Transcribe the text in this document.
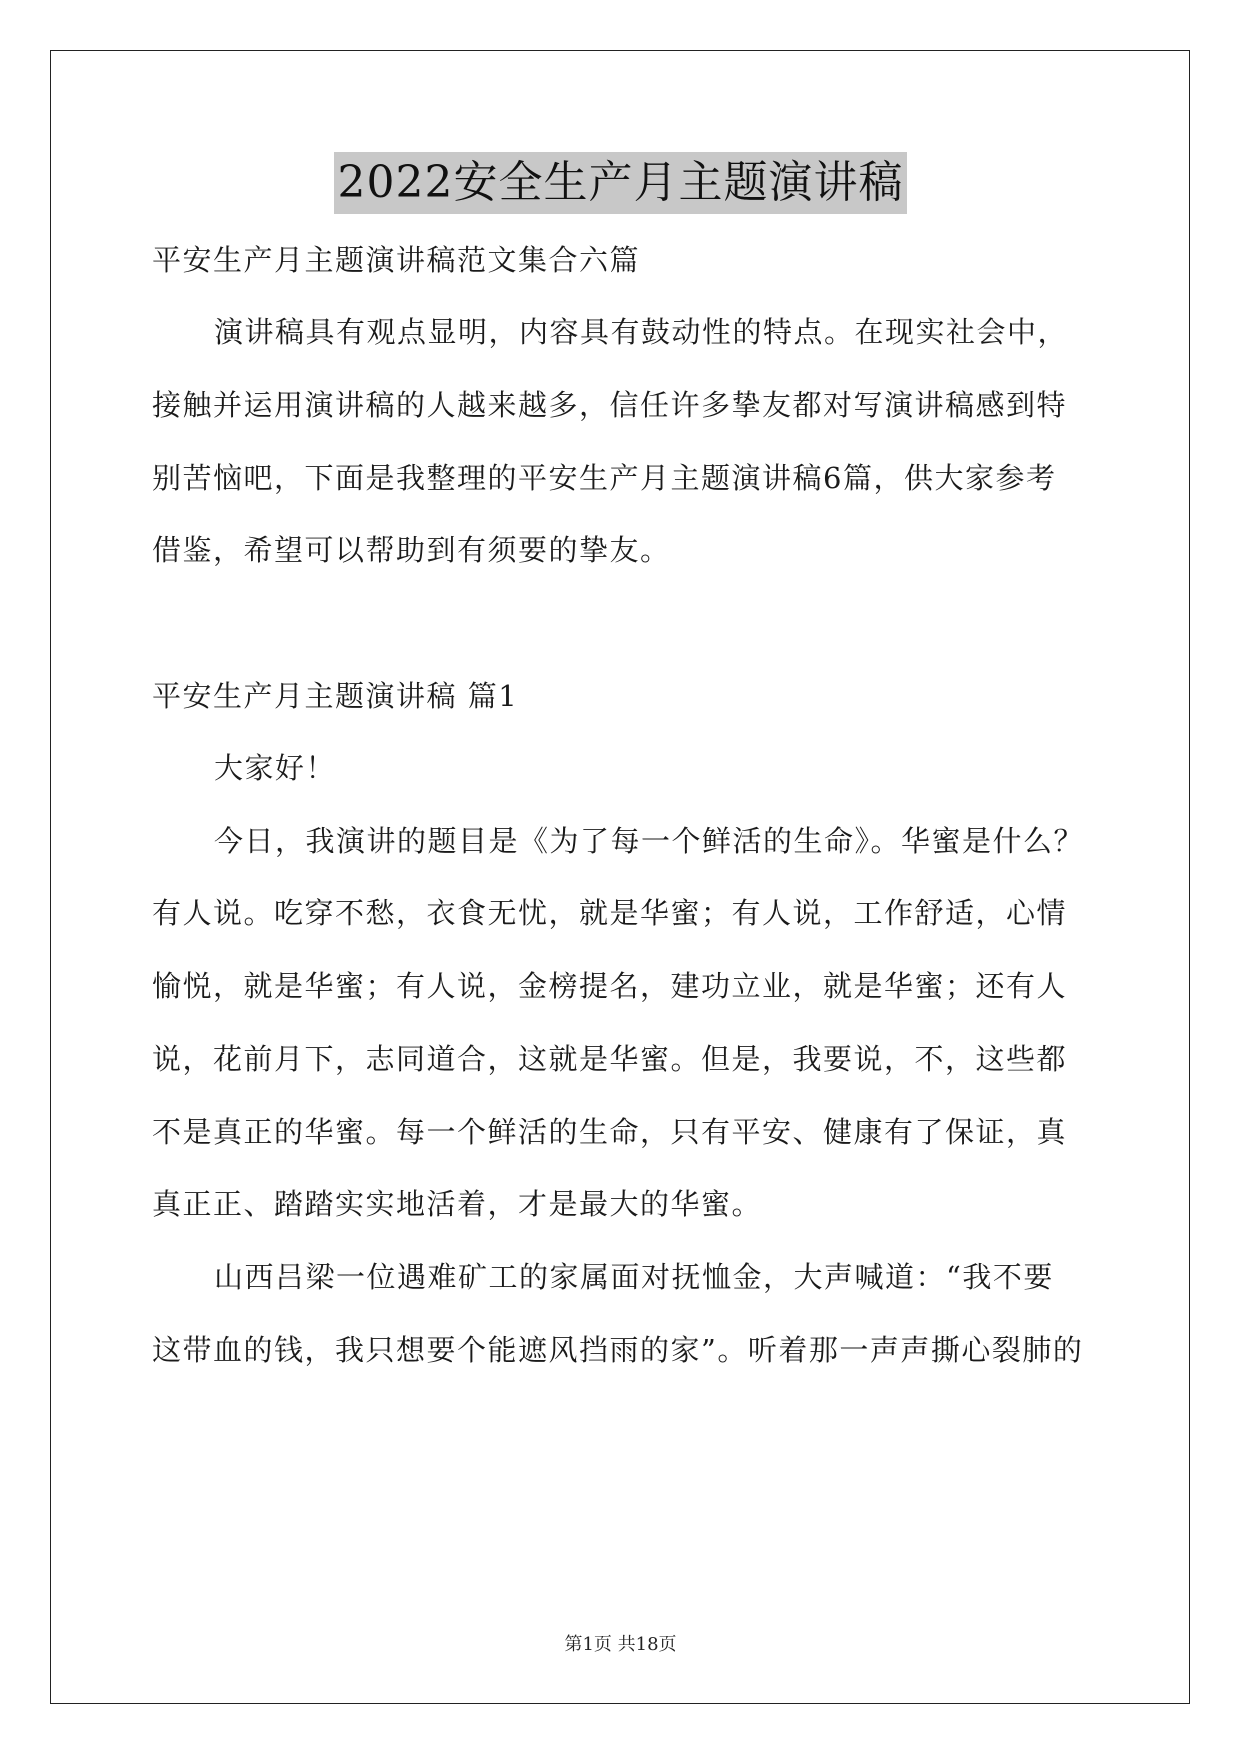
2022安全生产月主题演讲稿
平安生产月主题演讲稿范文集合六篇
演讲稿具有观点显明，内容具有鼓动性的特点。在现实社会中，
接触并运用演讲稿的人越来越多，信任许多挚友都对写演讲稿感到特
别苦恼吧，下面是我整理的平安生产月主题演讲稿6篇，供大家参考
借鉴，希望可以帮助到有须要的挚友。
平安生产月主题演讲稿 篇1
大家好！
今日，我演讲的题目是《为了每一个鲜活的生命》。华蜜是什么？
有人说。吃穿不愁，衣食无忧，就是华蜜；有人说，工作舒适，心情
愉悦，就是华蜜；有人说，金榜提名，建功立业，就是华蜜；还有人
说，花前月下，志同道合，这就是华蜜。但是，我要说，不，这些都
不是真正的华蜜。每一个鲜活的生命，只有平安、健康有了保证，真
真正正、踏踏实实地活着，才是最大的华蜜。
山西吕梁一位遇难矿工的家属面对抚恤金，大声喊道：“我不要
这带血的钱，我只想要个能遮风挡雨的家”。听着那一声声撕心裂肺的
第1页 共18页
